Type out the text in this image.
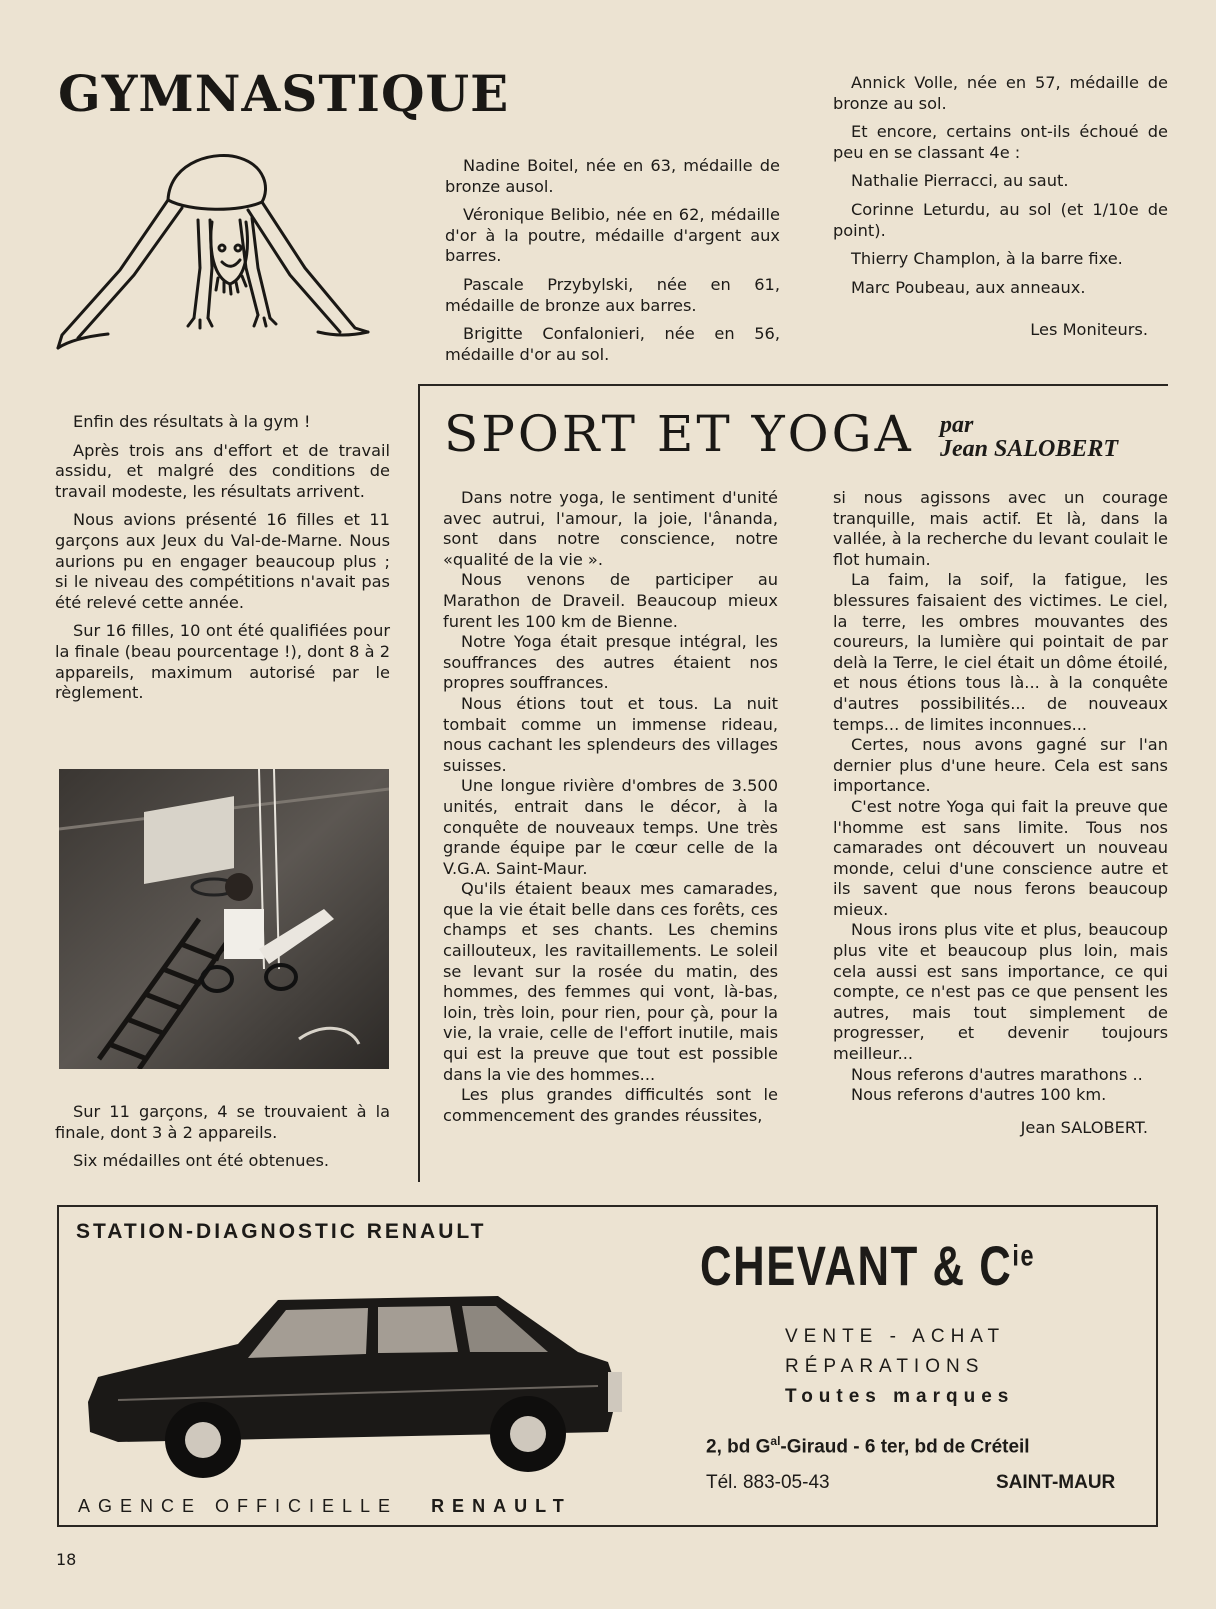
GYMNASTIQUE

Enfin des résultats à la gym !

Après trois ans d'effort et de travail assidu, et malgré des conditions de travail modeste, les résultats arrivent.

Nous avions présenté 16 filles et 11 garçons aux Jeux du Val-de-Marne. Nous aurions pu en engager beaucoup plus ; si le niveau des compétitions n'avait pas été relevé cette année.

Sur 16 filles, 10 ont été qualifiées pour la finale (beau pourcentage !), dont 8 à 2 appareils, maximum autorisé par le règlement.

Sur 11 garçons, 4 se trouvaient à la finale, dont 3 à 2 appareils.

Six médailles ont été obtenues.

Nadine Boitel, née en 63, médaille de bronze ausol.

Véronique Belibio, née en 62, médaille d'or à la poutre, médaille d'argent aux barres.

Pascale Przybylski, née en 61, médaille de bronze aux barres.

Brigitte Confalonieri, née en 56, médaille d'or au sol.

Annick Volle, née en 57, médaille de bronze au sol.

Et encore, certains ont-ils échoué de peu en se classant 4e :

Nathalie Pierracci, au saut.

Corinne Leturdu, au sol (et 1/10e de point).

Thierry Champlon, à la barre fixe.

Marc Poubeau, aux anneaux.

Les Moniteurs.

SPORT ET YOGA par
Jean SALOBERT

Dans notre yoga, le sentiment d'unité avec autrui, l'amour, la joie, l'ânanda, sont dans notre conscience, notre «qualité de la vie ».

Nous venons de participer au Marathon de Draveil. Beaucoup mieux furent les 100 km de Bienne.

Notre Yoga était presque intégral, les souffrances des autres étaient nos propres souffrances.

Nous étions tout et tous. La nuit tombait comme un immense rideau, nous cachant les splendeurs des villages suisses.

Une longue rivière d'ombres de 3.500 unités, entrait dans le décor, à la conquête de nouveaux temps. Une très grande équipe par le cœur celle de la V.G.A. Saint-Maur.

Qu'ils étaient beaux mes camarades, que la vie était belle dans ces forêts, ces champs et ses chants. Les chemins caillouteux, les ravitaillements. Le soleil se levant sur la rosée du matin, des hommes, des femmes qui vont, là-bas, loin, très loin, pour rien, pour çà, pour la vie, la vraie, celle de l'effort inutile, mais qui est la preuve que tout est possible dans la vie des hommes...

Les plus grandes difficultés sont le commencement des grandes réussites,

si nous agissons avec un courage tranquille, mais actif. Et là, dans la vallée, à la recherche du levant coulait le flot humain.

La faim, la soif, la fatigue, les blessures faisaient des victimes. Le ciel, la terre, les ombres mouvantes des coureurs, la lumière qui pointait de par delà la Terre, le ciel était un dôme étoilé, et nous étions tous là... à la conquête d'autres possibilités... de nouveaux temps... de limites inconnues...

Certes, nous avons gagné sur l'an dernier plus d'une heure. Cela est sans importance.

C'est notre Yoga qui fait la preuve que l'homme est sans limite. Tous nos camarades ont découvert un nouveau monde, celui d'une conscience autre et ils savent que nous ferons beaucoup mieux.

Nous irons plus vite et plus, beaucoup plus vite et beaucoup plus loin, mais cela aussi est sans importance, ce qui compte, ce n'est pas ce que pensent les autres, mais tout simplement de progresser, et devenir toujours meilleur...

Nous referons d'autres marathons ..

Nous referons d'autres 100 km.

Jean SALOBERT.

STATION-DIAGNOSTIC RENAULT
AGENCE OFFICIELLE RENAULT
CHEVANT & $C^{ie}$
VENTE - ACHAT
RÉPARATIONS
Toutes marques
2, bd $G^{al}$-Giraud - 6 ter, bd de Créteil
Tél. 883-05-43	SAINT-MAUR
18
